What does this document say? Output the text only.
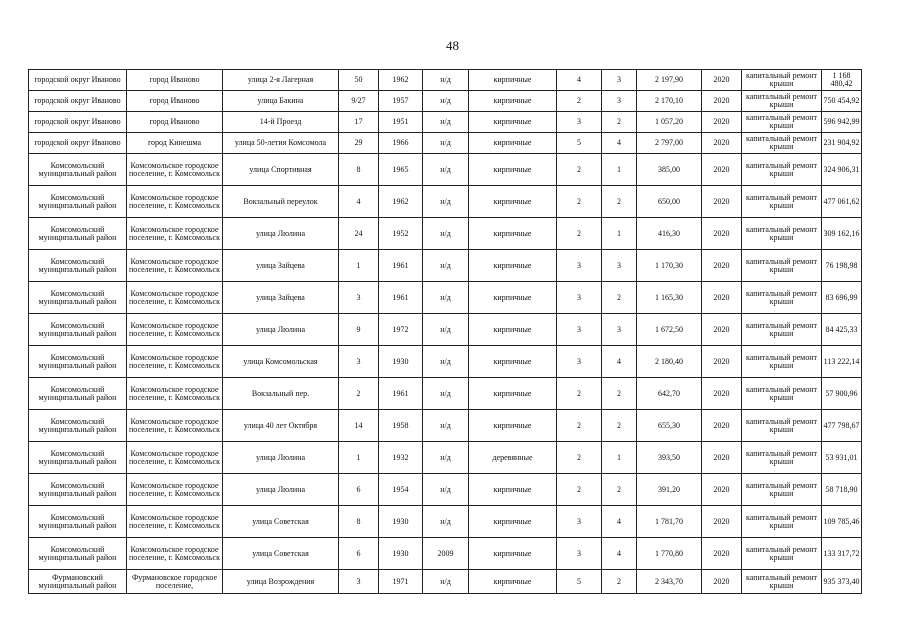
48
городской округ Иваново	город Иваново	улица 2-я Лагерная	50	1962	н/д	кирпичные	4	3	2 197,90	2020	капитальный ремонт крыши	1 168 480,42
городской округ Иваново	город Иваново	улица Бакина	9/27	1957	н/д	кирпичные	2	3	2 170,10	2020	капитальный ремонт крыши	750 454,92
городской округ Иваново	город Иваново	14-й Проезд	17	1951	н/д	кирпичные	3	2	1 057,20	2020	капитальный ремонт крыши	596 942,99
городской округ Иваново	город Кинешма	улица 50-летия Комсомола	29	1966	н/д	кирпичные	5	4	2 797,00	2020	капитальный ремонт крыши	231 904,92
Комсомольский муниципальный район	Комсомольское городское поселение, г. Комсомольск	улица Спортивная	8	1965	н/д	кирпичные	2	1	385,00	2020	капитальный ремонт крыши	324 906,31
Комсомольский муниципальный район	Комсомольское городское поселение, г. Комсомольск	Вокзальный переулок	4	1962	н/д	кирпичные	2	2	650,00	2020	капитальный ремонт крыши	477 061,62
Комсомольский муниципальный район	Комсомольское городское поселение, г. Комсомольск	улица Люлина	24	1952	н/д	кирпичные	2	1	416,30	2020	капитальный ремонт крыши	309 162,16
Комсомольский муниципальный район	Комсомольское городское поселение, г. Комсомольск	улица Зайцева	1	1961	н/д	кирпичные	3	3	1 170,30	2020	капитальный ремонт крыши	76 198,98
Комсомольский муниципальный район	Комсомольское городское поселение, г. Комсомольск	улица Зайцева	3	1961	н/д	кирпичные	3	2	1 165,30	2020	капитальный ремонт крыши	83 696,99
Комсомольский муниципальный район	Комсомольское городское поселение, г. Комсомольск	улица Люлина	9	1972	н/д	кирпичные	3	3	1 672,50	2020	капитальный ремонт крыши	84 425,33
Комсомольский муниципальный район	Комсомольское городское поселение, г. Комсомольск	улица Комсомольская	3	1930	н/д	кирпичные	3	4	2 180,40	2020	капитальный ремонт крыши	113 222,14
Комсомольский муниципальный район	Комсомольское городское поселение, г. Комсомольск	Вокзальный пер.	2	1961	н/д	кирпичные	2	2	642,70	2020	капитальный ремонт крыши	57 900,96
Комсомольский муниципальный район	Комсомольское городское поселение, г. Комсомольск	улица 40 лет Октября	14	1958	н/д	кирпичные	2	2	655,30	2020	капитальный ремонт крыши	477 798,67
Комсомольский муниципальный район	Комсомольское городское поселение, г. Комсомольск	улица Люлина	1	1932	н/д	деревянные	2	1	393,50	2020	капитальный ремонт крыши	53 931,01
Комсомольский муниципальный район	Комсомольское городское поселение, г. Комсомольск	улица Люлина	6	1954	н/д	кирпичные	2	2	391,20	2020	капитальный ремонт крыши	58 718,90
Комсомольский муниципальный район	Комсомольское городское поселение, г. Комсомольск	улица Советская	8	1930	н/д	кирпичные	3	4	1 781,70	2020	капитальный ремонт крыши	109 785,46
Комсомольский муниципальный район	Комсомольское городское поселение, г. Комсомольск	улица Советская	6	1930	2009	кирпичные	3	4	1 770,80	2020	капитальный ремонт крыши	133 317,72
Фурмановский муниципальный район	Фурмановское городское поселение,	улица Возрождения	3	1971	н/д	кирпичные	5	2	2 343,70	2020	капитальный ремонт крыши	935 373,40
